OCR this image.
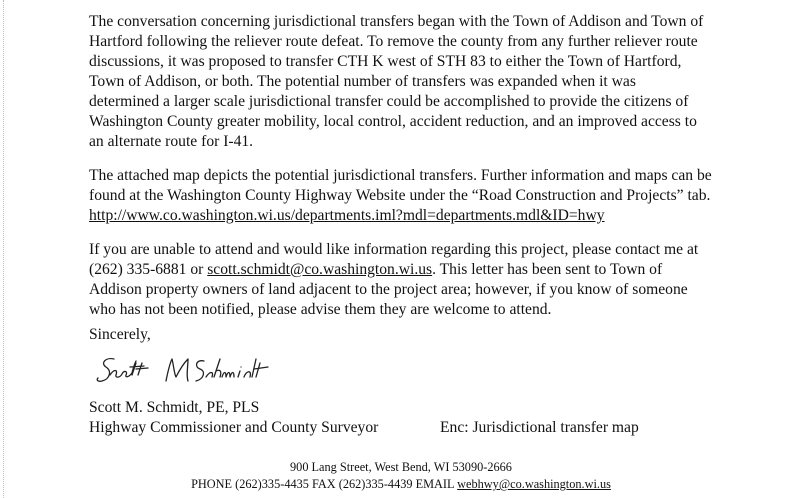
The conversation concerning jurisdictional transfers began with the Town of Addison and Town of
Hartford following the reliever route defeat. To remove the county from any further reliever route
discussions, it was proposed to transfer CTH K west of STH 83 to either the Town of Hartford,
Town of Addison, or both. The potential number of transfers was expanded when it was
determined a larger scale jurisdictional transfer could be accomplished to provide the citizens of
Washington County greater mobility, local control, accident reduction, and an improved access to
an alternate route for I-41.
The attached map depicts the potential jurisdictional transfers. Further information and maps can be
found at the Washington County Highway Website under the “Road Construction and Projects” tab.
http://www.co.washington.wi.us/departments.iml?mdl=departments.mdl&ID=hwy
If you are unable to attend and would like information regarding this project, please contact me at
(262) 335-6881 or scott.schmidt@co.washington.wi.us. This letter has been sent to Town of
Addison property owners of land adjacent to the project area; however, if you know of someone
who has not been notified, please advise them they are welcome to attend.
Sincerely,
Scott M. Schmidt, PE, PLS
Highway Commissioner and County Surveyor	Enc: Jurisdictional transfer map
900 Lang Street, West Bend, WI 53090-2666
PHONE (262)335-4435 FAX (262)335-4439 EMAIL webhwy@co.washington.wi.us
